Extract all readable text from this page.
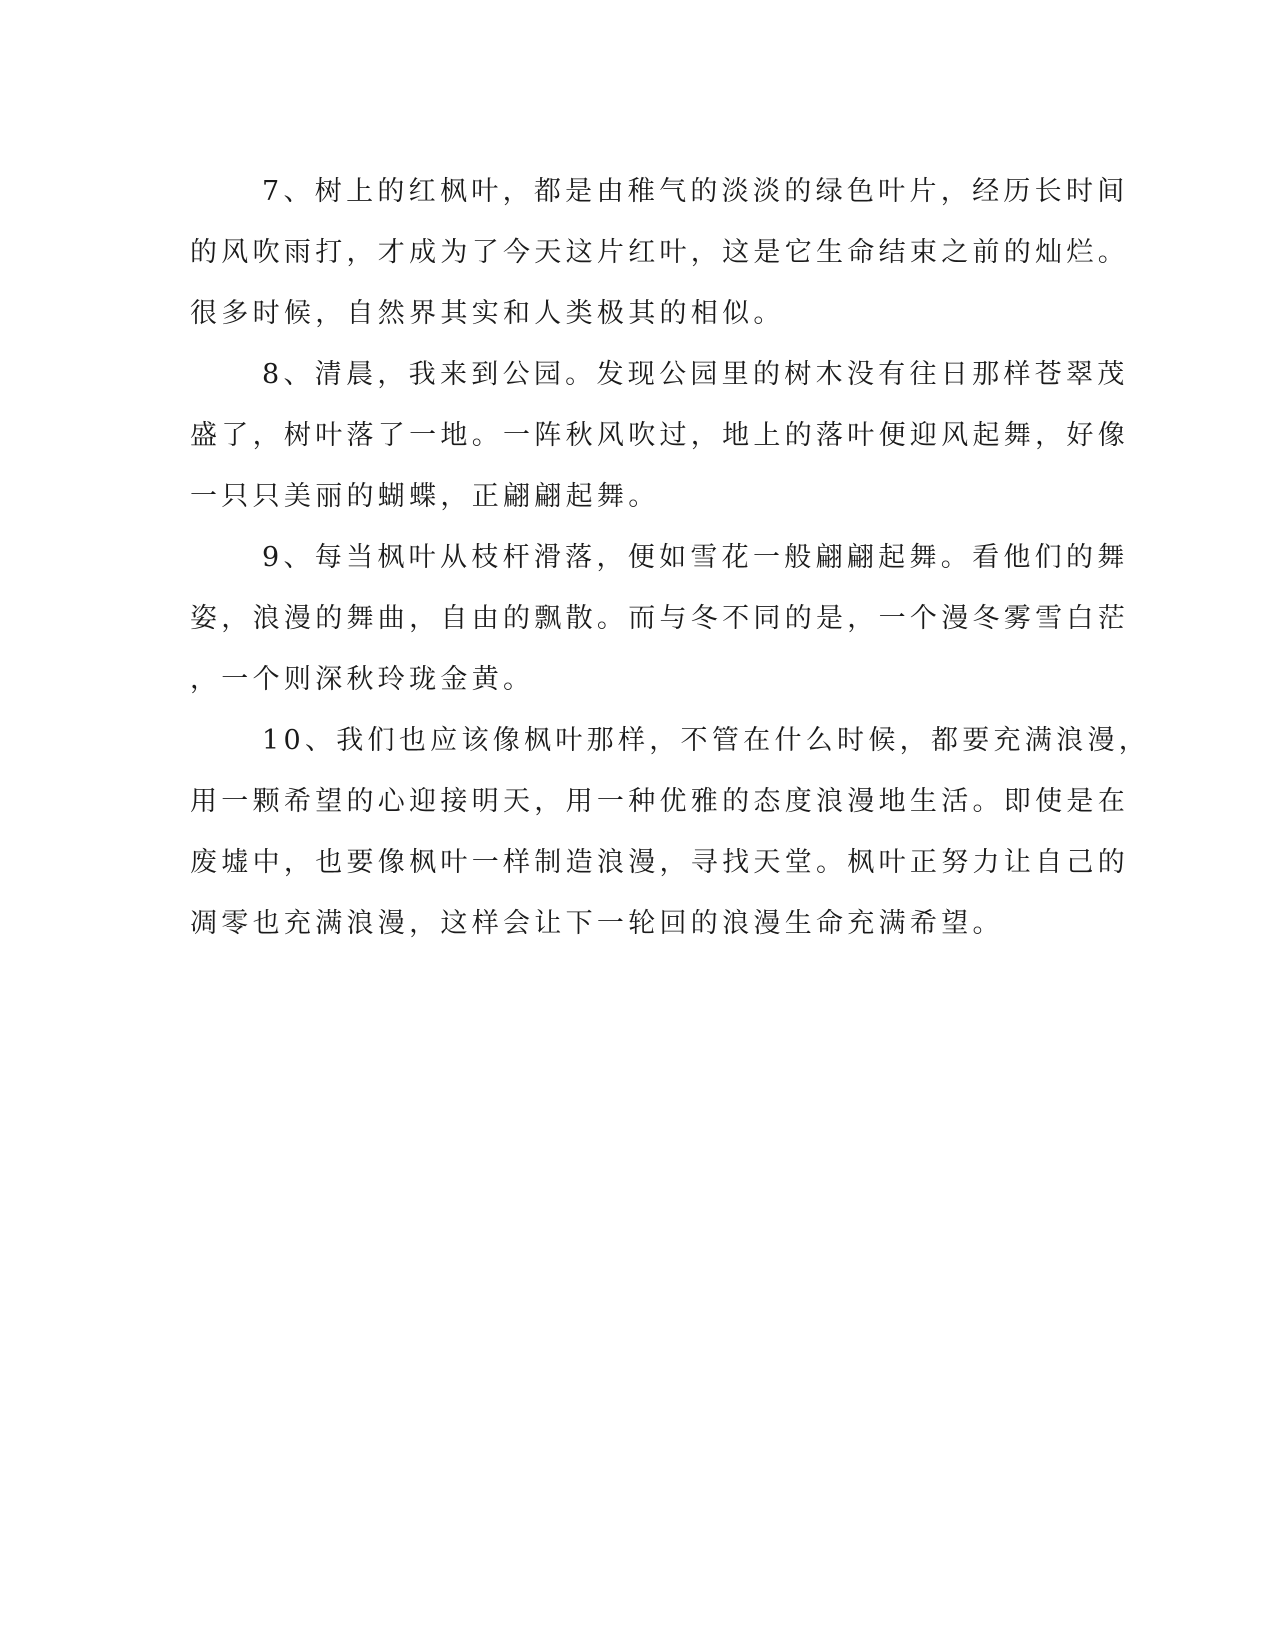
7、树上的红枫叶，都是由稚气的淡淡的绿色叶片，经历长时间
的风吹雨打，才成为了今天这片红叶，这是它生命结束之前的灿烂。
很多时候，自然界其实和人类极其的相似。
8、清晨，我来到公园。发现公园里的树木没有往日那样苍翠茂
盛了，树叶落了一地。一阵秋风吹过，地上的落叶便迎风起舞，好像
一只只美丽的蝴蝶，正翩翩起舞。
9、每当枫叶从枝杆滑落，便如雪花一般翩翩起舞。看他们的舞
姿，浪漫的舞曲，自由的飘散。而与冬不同的是，一个漫冬雾雪白茫
，一个则深秋玲珑金黄。
10、我们也应该像枫叶那样，不管在什么时候，都要充满浪漫，
用一颗希望的心迎接明天，用一种优雅的态度浪漫地生活。即使是在
废墟中，也要像枫叶一样制造浪漫，寻找天堂。枫叶正努力让自己的
凋零也充满浪漫，这样会让下一轮回的浪漫生命充满希望。
